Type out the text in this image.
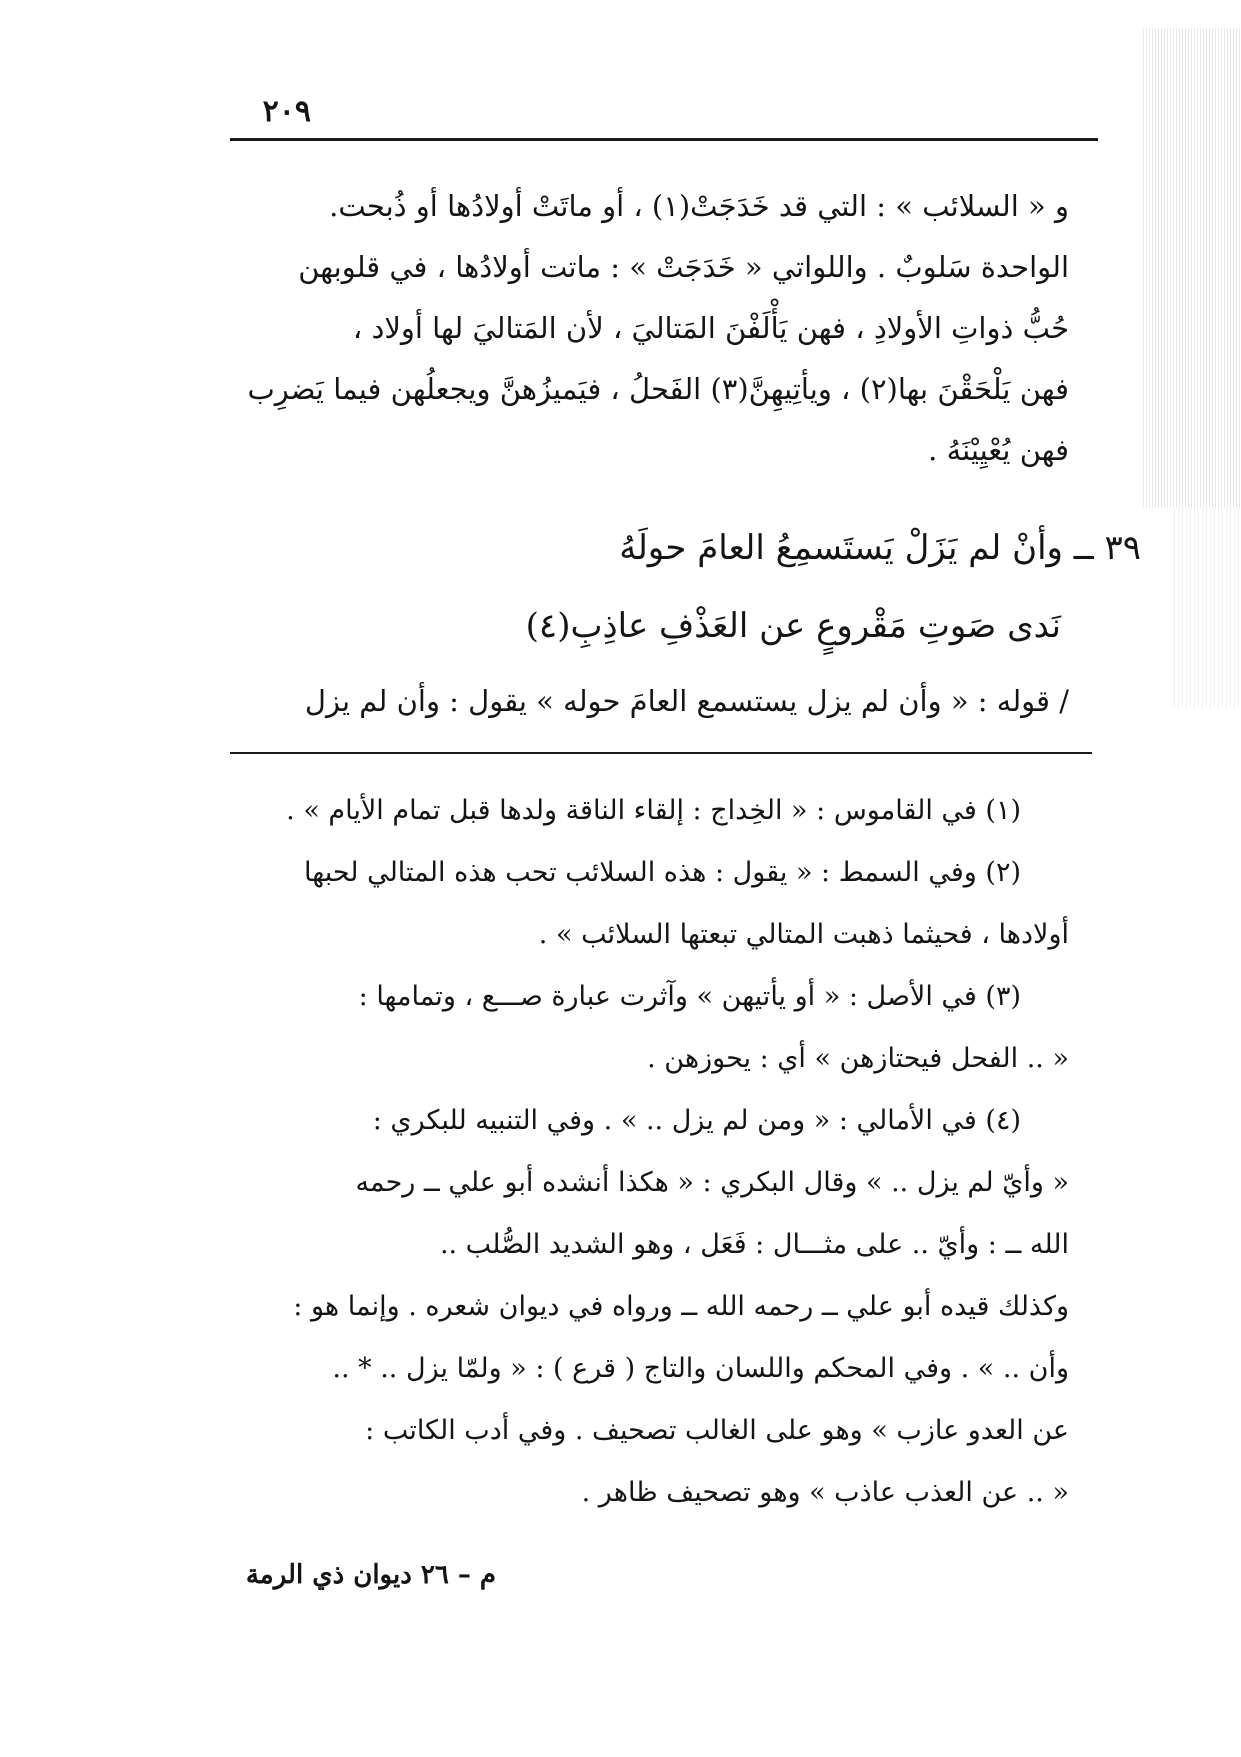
٢٠٩
و « السلائب » : التي قد خَدَجَتْ(١) ، أو ماتَتْ أولادُها أو ذُبحت.
الواحدة سَلوبٌ . واللواتي « خَدَجَتْ » : ماتت أولادُها ، في قلوبهن
حُبُّ ذواتِ الأولادِ ، فهن يَأْلَفْنَ المَتاليَ ، لأن المَتاليَ لها أولاد ،
فهن يَلْحَقْنَ بها(٢) ، ويأتِيهِنَّ(٣) الفَحلُ ، فيَميزُهنَّ ويجعلُهن فيما يَضرِب
فهن يُعْيِيْنَهُ .
٣٩ ــ وأنْ لم يَزَلْ يَستَسمِعُ العامَ حولَهُ
نَدى صَوتِ مَقْروعٍ عن العَذْفِ عاذِبِ(٤)
/ قوله : « وأن لم يزل يستسمع العامَ حوله » يقول : وأن لم يزل
(١) في القاموس : « الخِداج : إلقاء الناقة ولدها قبل تمام الأيام » .
(٢) وفي السمط : « يقول : هذه السلائب تحب هذه المتالي لحبها
أولادها ، فحيثما ذهبت المتالي تبعتها السلائب » .
(٣) في الأصل : « أو يأتيهن » وآثرت عبارة صـــع ، وتمامها :
« .. الفحل فيحتازهن » أي : يحوزهن .
(٤) في الأمالي : « ومن لم يزل .. » . وفي التنبيه للبكري :
« وأيّ لم يزل .. » وقال البكري : « هكذا أنشده أبو علي ــ رحمه
الله ــ : وأيّ .. على مثـــال : فَعَل ، وهو الشديد الصُّلب ..
وكذلك قيده أبو علي ــ رحمه الله ــ ورواه في ديوان شعره . وإنما هو :
وأن .. » . وفي المحكم واللسان والتاج ( قرع ) : « ولمّا يزل .. * ..
عن العدو عازب » وهو على الغالب تصحيف . وفي أدب الكاتب :
« .. عن العذب عاذب » وهو تصحيف ظاهر .
م – ٢٦ ديوان ذي الرمة
